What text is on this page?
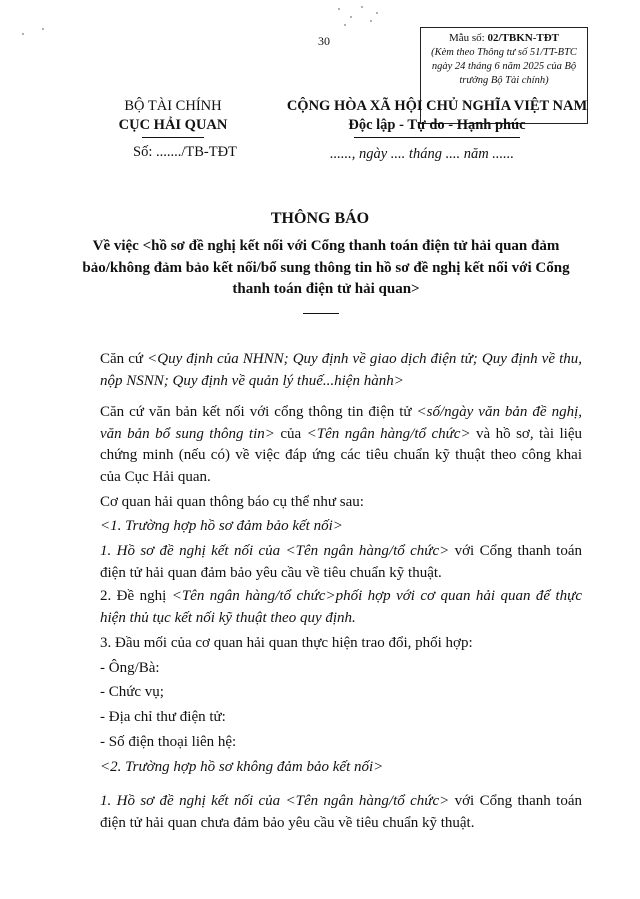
30	Mẫu số: 02/TBKN-TĐT
(Kèm theo Thông tư số 51/TT-BTC ngày 24 tháng 6 năm 2025 của Bộ trưởng Bộ Tài chính)
BỘ TÀI CHÍNH
CỤC HẢI QUAN
Số: ......./TB-TĐT
CỘNG HÒA XÃ HỘI CHỦ NGHĨA VIỆT NAM
Độc lập - Tự do - Hạnh phúc
......, ngày .... tháng .... năm ......
THÔNG BÁO
Về việc <hồ sơ đề nghị kết nối với Cổng thanh toán điện tử hải quan đảm bảo/không đảm bảo kết nối/bổ sung thông tin hồ sơ đề nghị kết nối với Cổng thanh toán điện tử hải quan>
Căn cứ <Quy định của NHNN; Quy định về giao dịch điện tử; Quy định về thu, nộp NSNN; Quy định về quản lý thuế...hiện hành>
Căn cứ văn bản kết nối với cổng thông tin điện tử <số/ngày văn bản đề nghị, văn bản bổ sung thông tin> của <Tên ngân hàng/tổ chức> và hồ sơ, tài liệu chứng minh (nếu có) về việc đáp ứng các tiêu chuẩn kỹ thuật theo công khai của Cục Hải quan.
Cơ quan hải quan thông báo cụ thể như sau:
<1. Trường hợp hồ sơ đảm bảo kết nối>
1. Hồ sơ đề nghị kết nối của <Tên ngân hàng/tổ chức> với Cổng thanh toán điện tử hải quan đảm bảo yêu cầu về tiêu chuẩn kỹ thuật.
2. Đề nghị <Tên ngân hàng/tổ chức>phối hợp với cơ quan hải quan để thực hiện thủ tục kết nối kỹ thuật theo quy định.
3. Đầu mối của cơ quan hải quan thực hiện trao đổi, phối hợp:
- Ông/Bà:
- Chức vụ;
- Địa chỉ thư điện tử:
- Số điện thoại liên hệ:
<2. Trường hợp hồ sơ không đảm bảo kết nối>
1. Hồ sơ đề nghị kết nối của <Tên ngân hàng/tổ chức> với Cổng thanh toán điện tử hải quan chưa đảm bảo yêu cầu về tiêu chuẩn kỹ thuật.
